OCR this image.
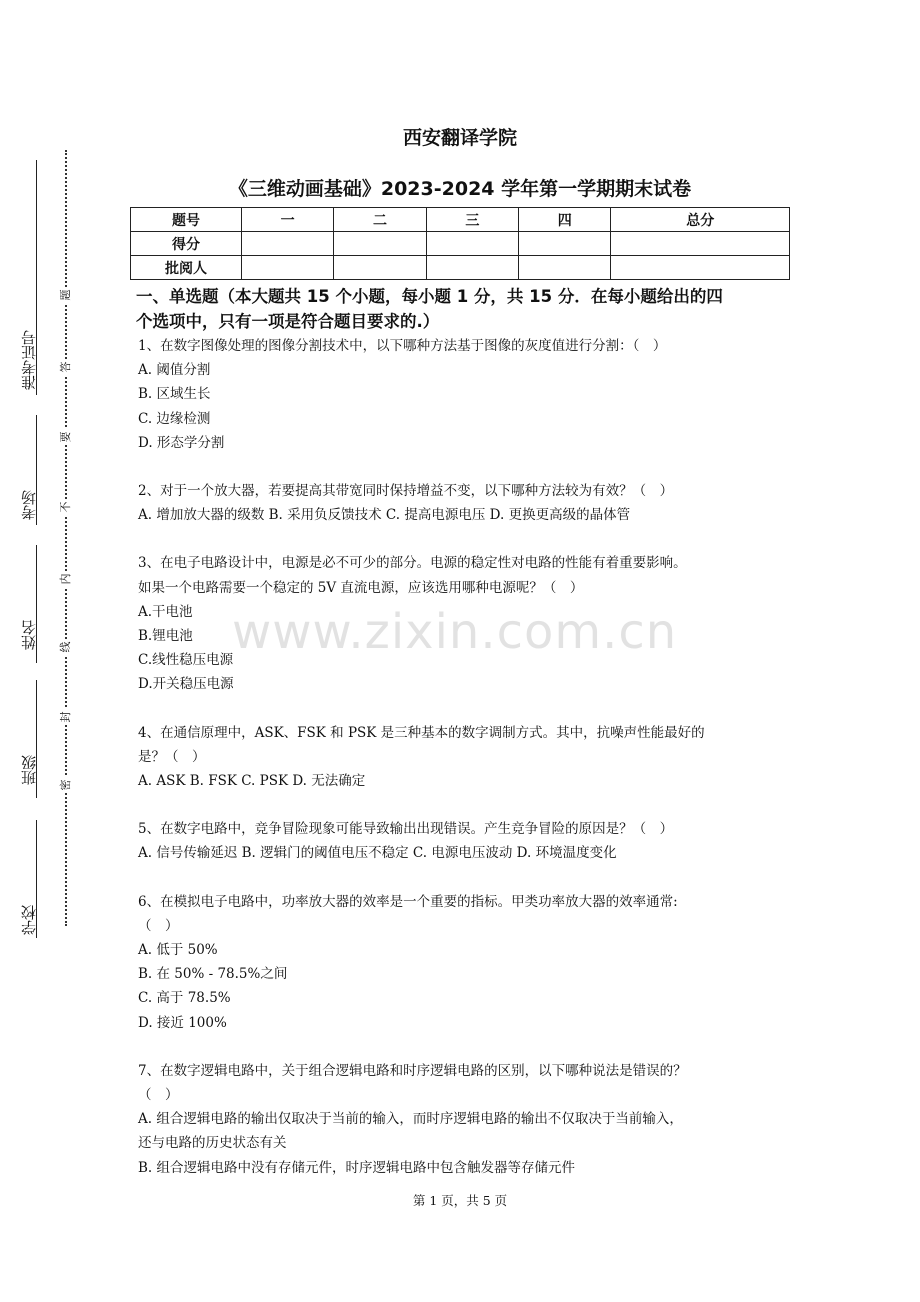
准考证号
考场
姓名
班级
学校
题
答
要
不
内
线
封
密
西安翻译学院
《三维动画基础》2023-2024 学年第一学期期末试卷
题号	一	二	三	四	总分
得分					
批阅人					
一、单选题（本大题共 15 个小题，每小题 1 分，共 15 分．在每小题给出的四
个选项中，只有一项是符合题目要求的.）
1、在数字图像处理的图像分割技术中，以下哪种方法基于图像的灰度值进行分割：（　）
A. 阈值分割
B. 区域生长
C. 边缘检测
D. 形态学分割
2、对于一个放大器，若要提高其带宽同时保持增益不变，以下哪种方法较为有效？（　）
A. 增加放大器的级数 B. 采用负反馈技术 C. 提高电源电压 D. 更换更高级的晶体管
3、在电子电路设计中，电源是必不可少的部分。电源的稳定性对电路的性能有着重要影响。
如果一个电路需要一个稳定的 5V 直流电源，应该选用哪种电源呢？（　）
A.干电池
B.锂电池
C.线性稳压电源
D.开关稳压电源
4、在通信原理中，ASK、FSK 和 PSK 是三种基本的数字调制方式。其中，抗噪声性能最好的
是？（　）
A. ASK B. FSK C. PSK D. 无法确定
5、在数字电路中，竞争冒险现象可能导致输出出现错误。产生竞争冒险的原因是？（　）
A. 信号传输延迟 B. 逻辑门的阈值电压不稳定 C. 电源电压波动 D. 环境温度变化
6、在模拟电子电路中，功率放大器的效率是一个重要的指标。甲类功率放大器的效率通常:
（　）
A. 低于 50%
B. 在 50% - 78.5%之间
C. 高于 78.5%
D. 接近 100%
7、在数字逻辑电路中，关于组合逻辑电路和时序逻辑电路的区别，以下哪种说法是错误的？
（　）
A. 组合逻辑电路的输出仅取决于当前的输入，而时序逻辑电路的输出不仅取决于当前输入，
还与电路的历史状态有关
B. 组合逻辑电路中没有存储元件，时序逻辑电路中包含触发器等存储元件
www.zixin.com.cn
第 1 页，共 5 页
